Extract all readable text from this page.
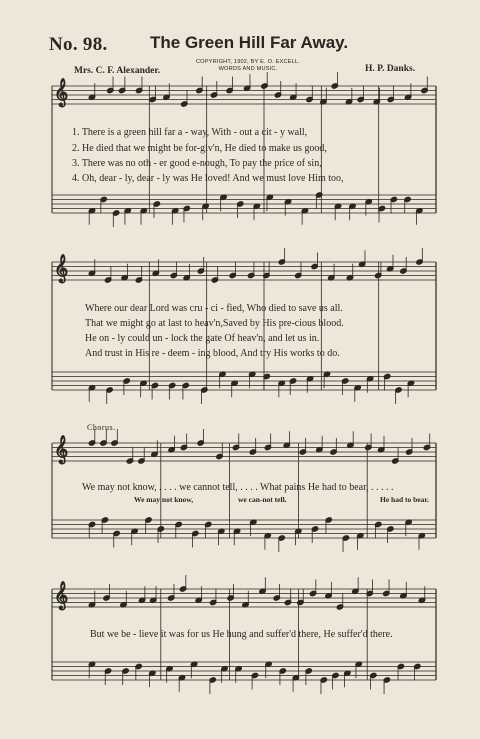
No. 98. The Green Hill Far Away.
COPYRIGHT, 1902, BY E. O. EXCELL.
WORDS AND MUSIC.
Mrs. C. F. Alexander.	H. P. Danks.
𝄞
𝄞
𝄞
𝄞
1. There is a green hill far a - way, With - out a cit - y wall,
2. He died that we might be for-giv'n, He died to make us good,
3. There was no oth - er good e-nough, To pay the price of sin,
4. Oh, dear - ly, dear - ly was He loved! And we must love Him too,
Where our dear Lord was cru - ci - fied, Who died to save us all.
That we might go at last to heav'n,Saved by His pre-cious blood.
He on - ly could un - lock the gate Of heav'n, and let us in.
And trust in His re - deem - ing blood, And try His works to do.
Chorus.
We may not know, . . . . we cannot tell, . . . . What pains He had to bear, . . . . .
We may not know,	we can-not tell.	He had to bear.
But we be - lieve it was for us He hung and suffer'd there, He suffer'd there.
